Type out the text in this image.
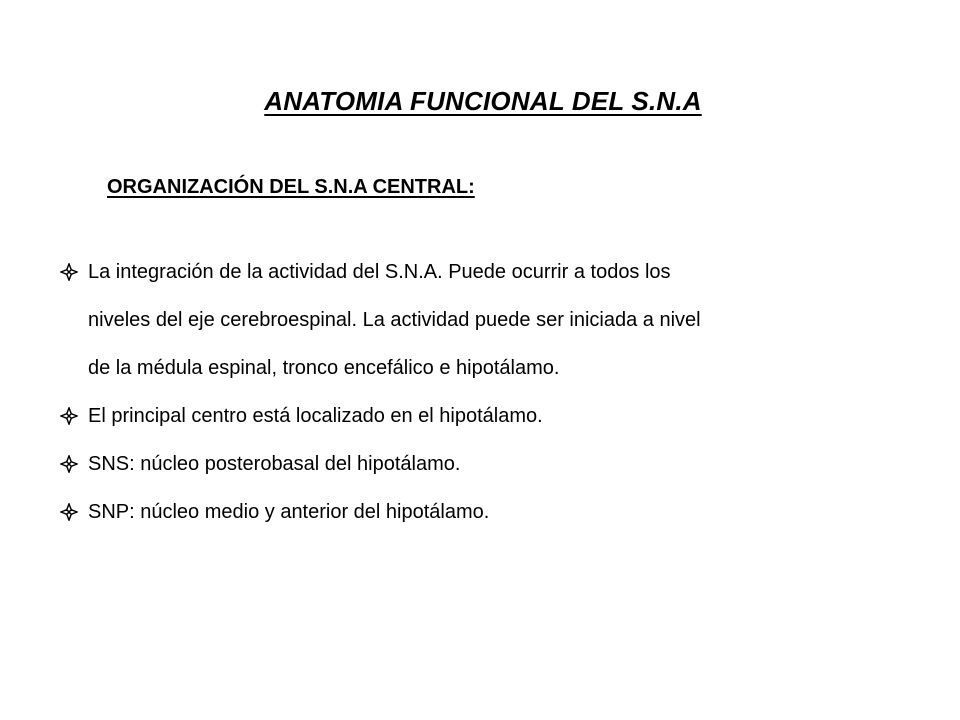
ANATOMIA FUNCIONAL DEL S.N.A
ORGANIZACIÓN DEL S.N.A CENTRAL:
La integración de la actividad del S.N.A. Puede ocurrir a todos los
niveles del eje cerebroespinal. La actividad puede ser iniciada a nivel
de la médula espinal, tronco encefálico e hipotálamo.
El principal centro está localizado en el hipotálamo.
SNS: núcleo posterobasal del hipotálamo.
SNP: núcleo medio y anterior del hipotálamo.
